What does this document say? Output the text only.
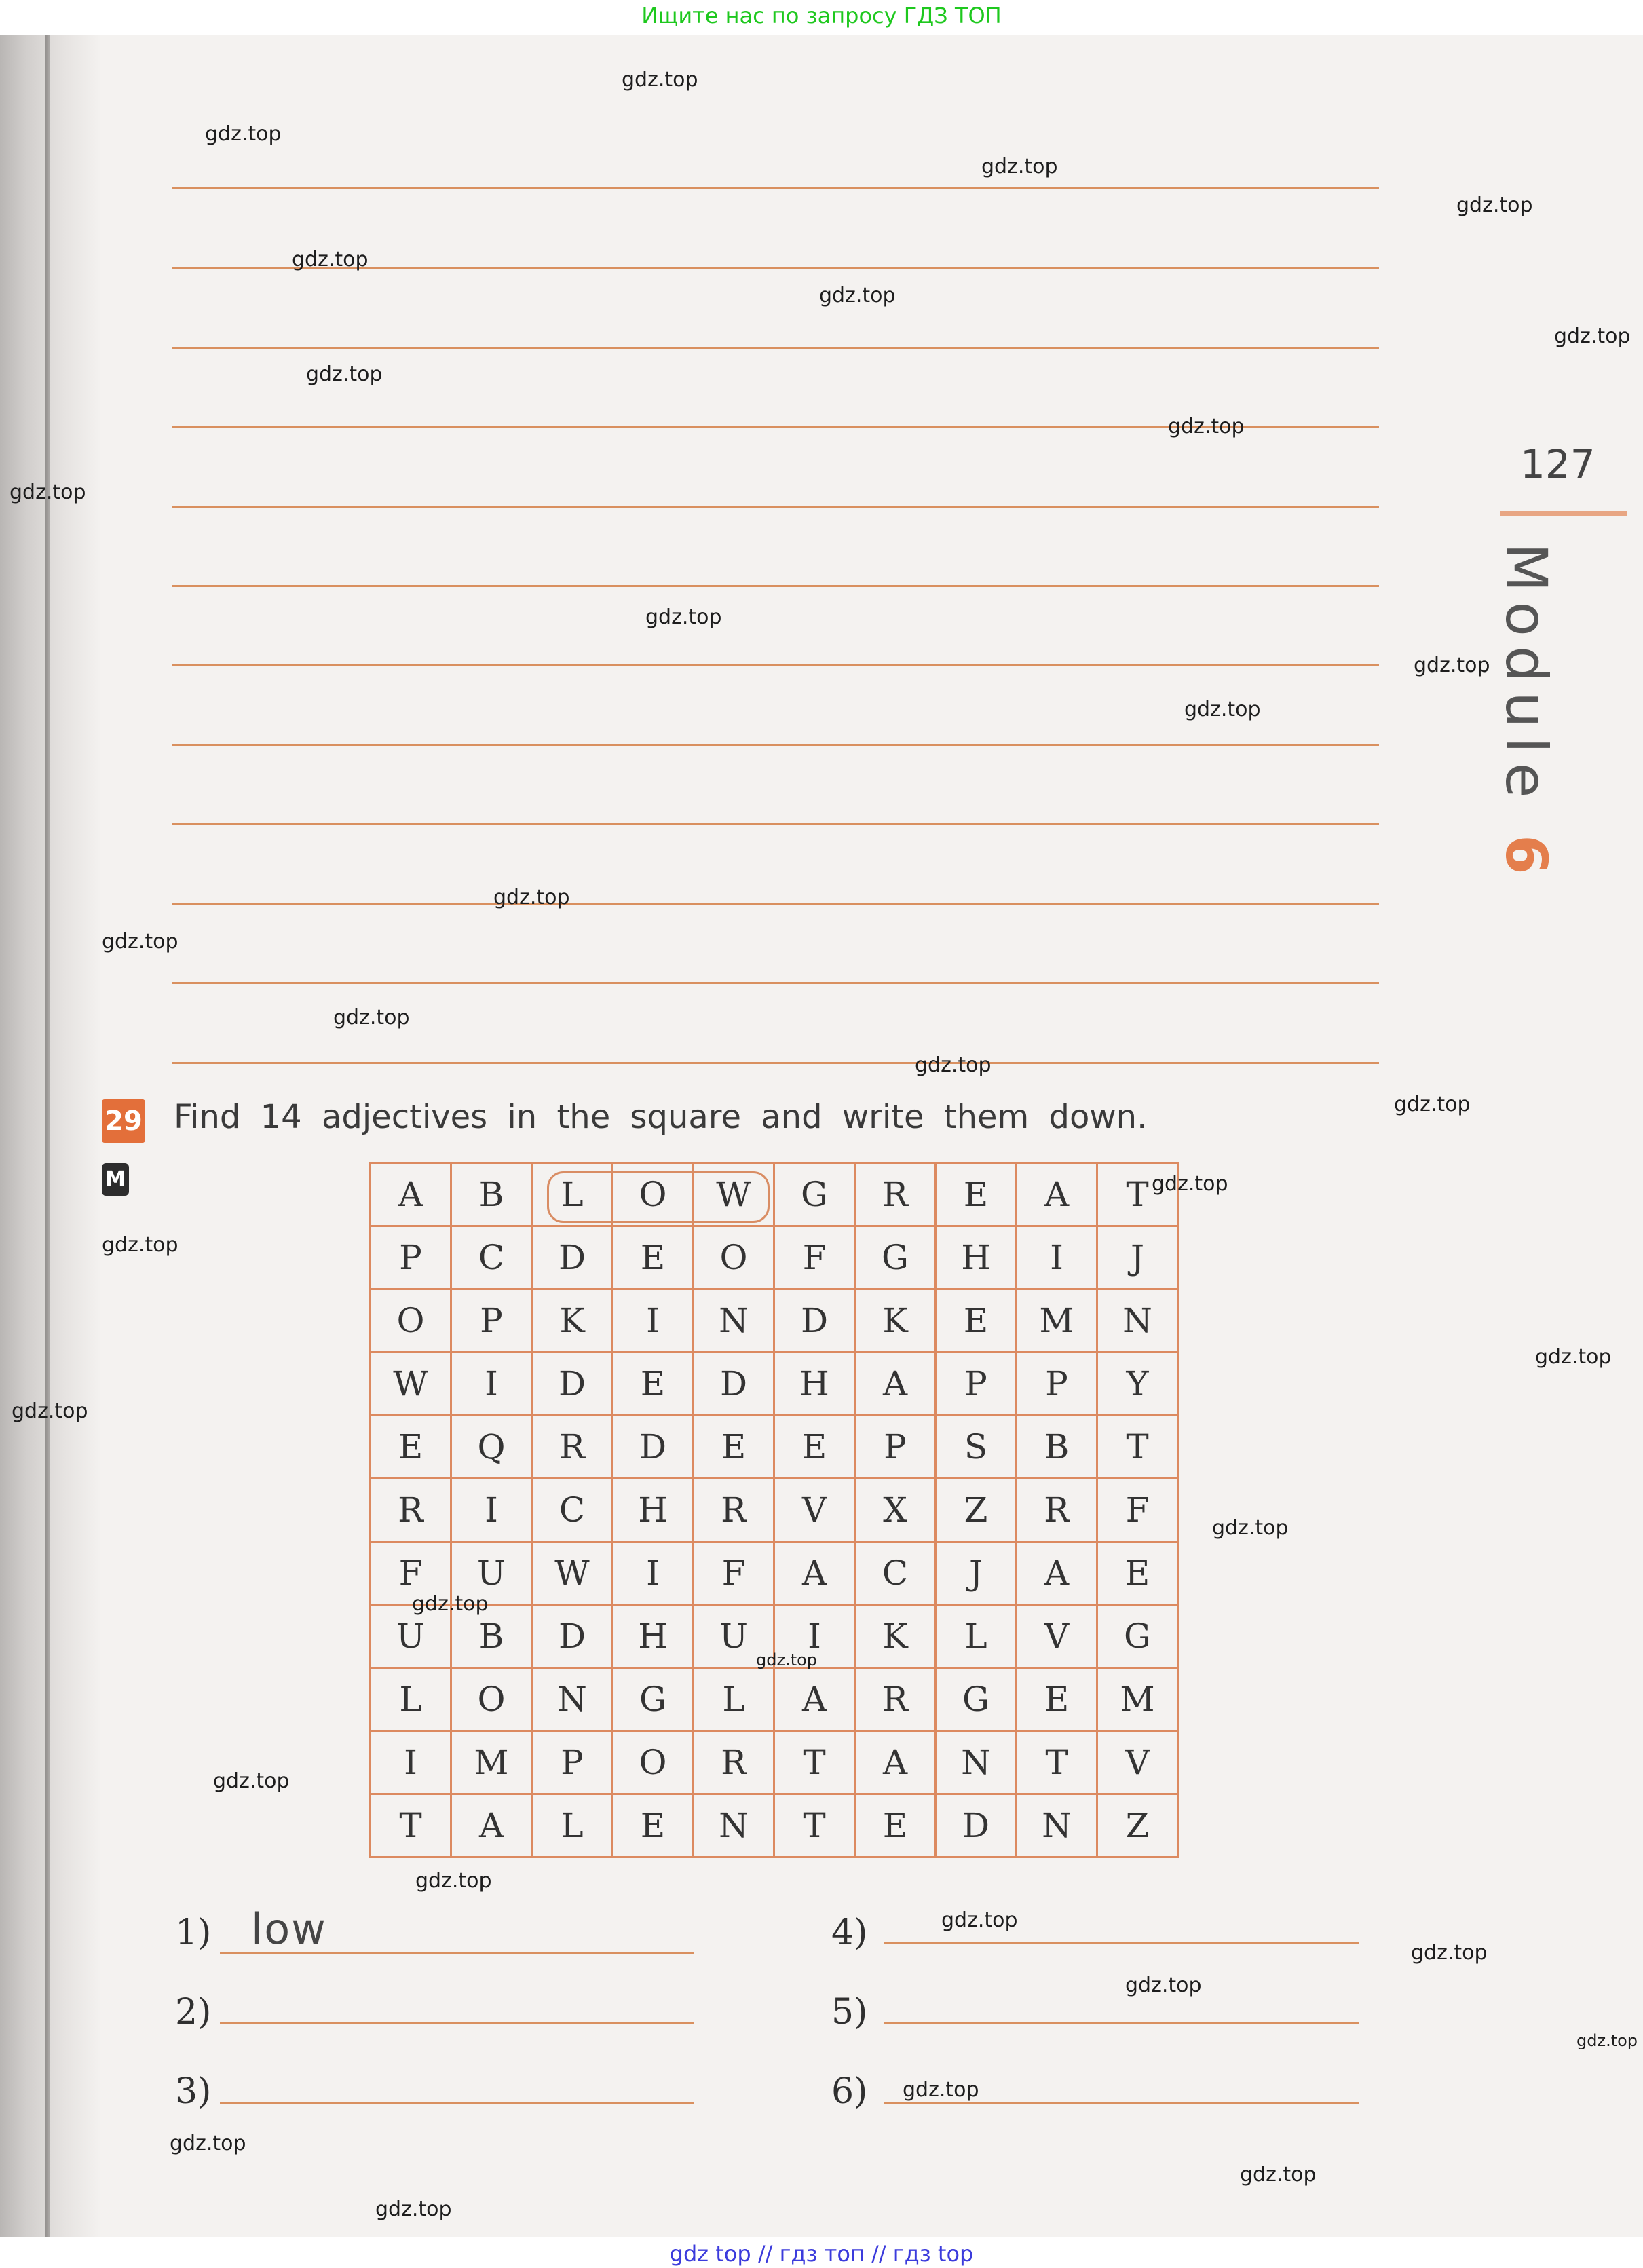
Ищите нас по запросу ГДЗ ТОП
127
Module 6
29
M
Find 14 adjectives in the square and write them down.
A	B	L	O	W	G	R	E	A	T
P	C	D	E	O	F	G	H	I	J
O	P	K	I	N	D	K	E	M	N
W	I	D	E	D	H	A	P	P	Y
E	Q	R	D	E	E	P	S	B	T
R	I	C	H	R	V	X	Z	R	F
F	U	W	I	F	A	C	J	A	E
U	B	D	H	U	I	K	L	V	G
L	O	N	G	L	A	R	G	E	M
I	M	P	O	R	T	A	N	T	V
T	A	L	E	N	T	E	D	N	Z
1) low
2)
3)
4)
5)
6)
gdz.top
gdz.top
gdz.top
gdz.top
gdz.top
gdz.top
gdz.top
gdz.top
gdz.top
gdz.top
gdz.top
gdz.top
gdz.top
gdz.top
gdz.top
gdz.top
gdz.top
gdz.top
gdz.top
gdz.top
gdz.top
gdz.top
gdz.top
gdz.top
gdz.top
gdz.top
gdz.top
gdz.top
gdz.top
gdz.top
gdz.top
gdz.top
gdz.top
gdz.top
gdz.top
gdz top // гдз топ // гдз top
